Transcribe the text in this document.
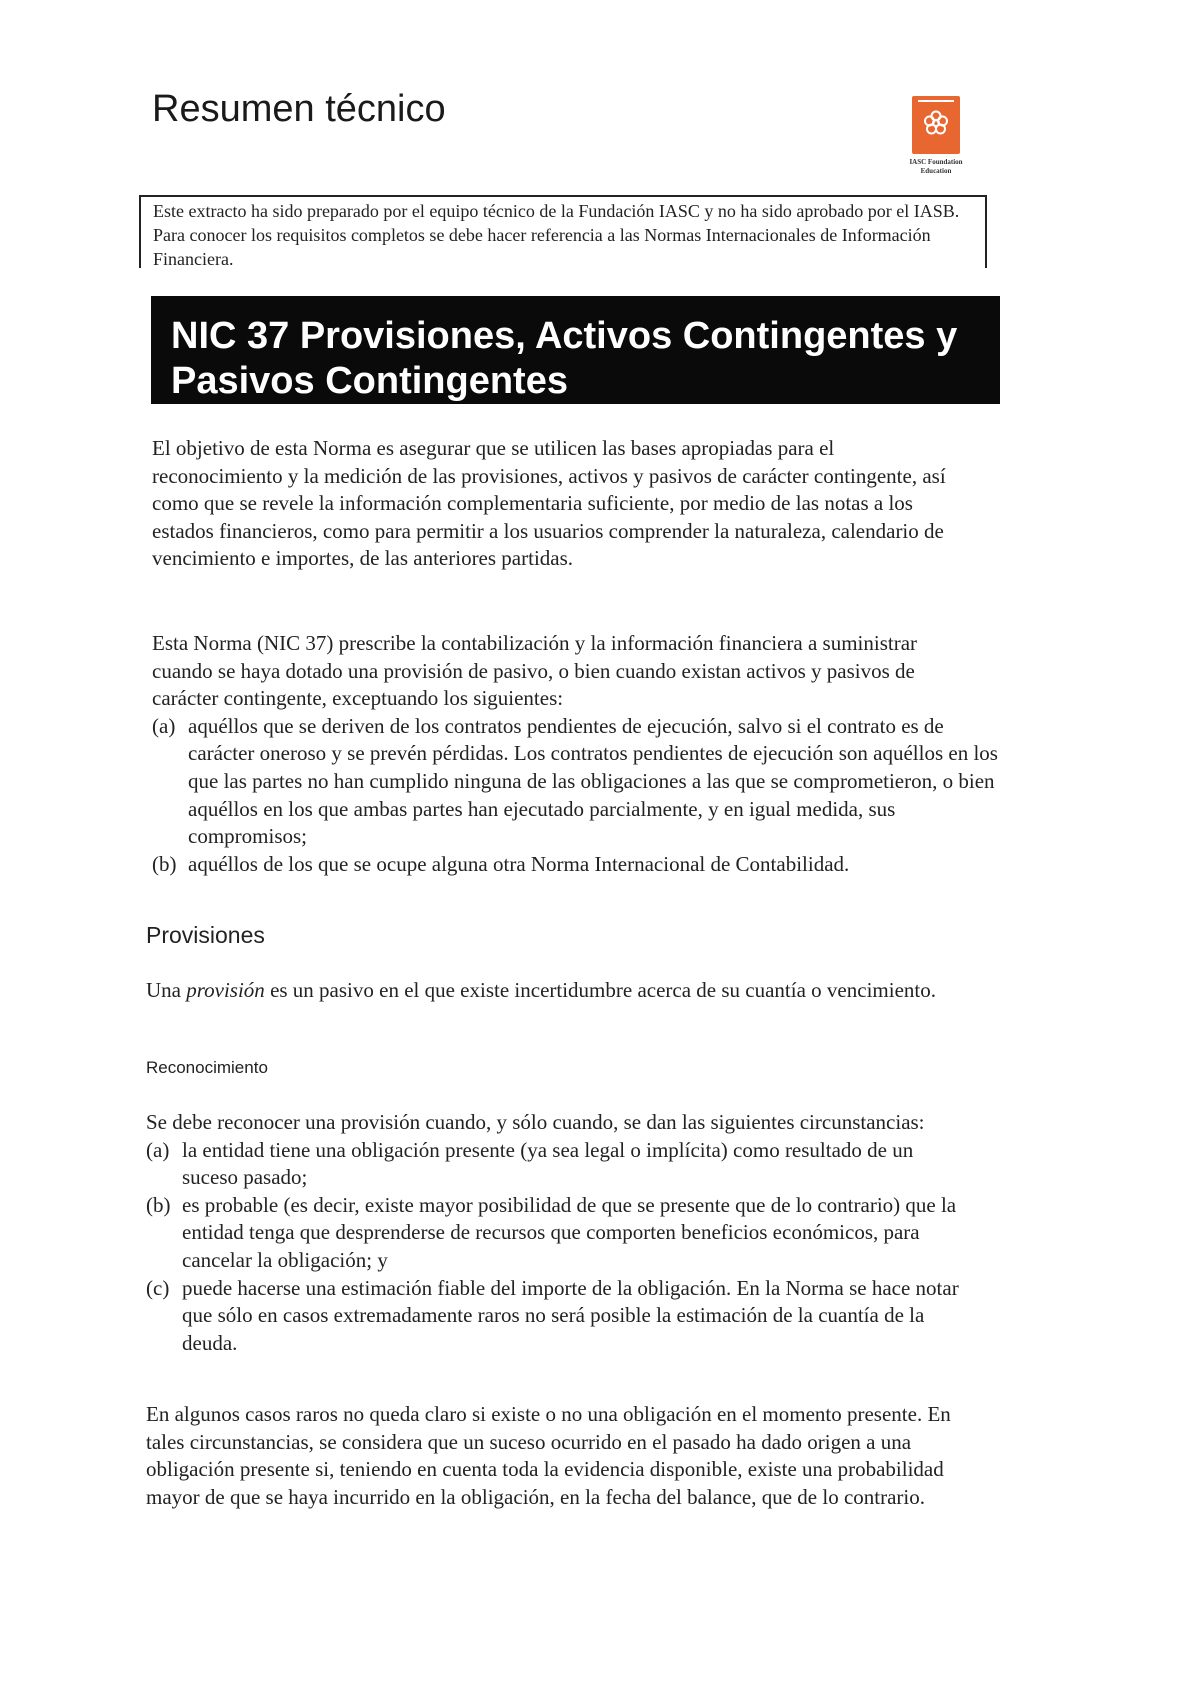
Resumen técnico
IASC Foundation
Education
Este extracto ha sido preparado por el equipo técnico de la Fundación IASC y no ha sido aprobado por el IASB. Para conocer los requisitos completos se debe hacer referencia a las Normas Internacionales de Información Financiera.
NIC 37 Provisiones, Activos Contingentes y
Pasivos Contingentes

El objetivo de esta Norma es asegurar que se utilicen las bases apropiadas para el reconocimiento y la medición de las provisiones, activos y pasivos de carácter contingente, así como que se revele la información complementaria suficiente, por medio de las notas a los estados financieros, como para permitir a los usuarios comprender la naturaleza, calendario de vencimiento e importes, de las anteriores partidas.

Esta Norma (NIC 37) prescribe la contabilización y la información financiera a suministrar cuando se haya dotado una provisión de pasivo, o bien cuando existan activos y pasivos de carácter contingente, exceptuando los siguientes:

(a) aquéllos que se deriven de los contratos pendientes de ejecución, salvo si el contrato es de carácter oneroso y se prevén pérdidas. Los contratos pendientes de ejecución son aquéllos en los que las partes no han cumplido ninguna de las obligaciones a las que se comprometieron, o bien aquéllos en los que ambas partes han ejecutado parcialmente, y en igual medida, sus compromisos;
(b) aquéllos de los que se ocupe alguna otra Norma Internacional de Contabilidad.
Provisiones

Una provisión es un pasivo en el que existe incertidumbre acerca de su cuantía o vencimiento.

Reconocimiento

Se debe reconocer una provisión cuando, y sólo cuando, se dan las siguientes circunstancias:

(a) la entidad tiene una obligación presente (ya sea legal o implícita) como resultado de un suceso pasado;
(b) es probable (es decir, existe mayor posibilidad de que se presente que de lo contrario) que la entidad tenga que desprenderse de recursos que comporten beneficios económicos, para cancelar la obligación; y
(c) puede hacerse una estimación fiable del importe de la obligación. En la Norma se hace notar que sólo en casos extremadamente raros no será posible la estimación de la cuantía de la deuda.

En algunos casos raros no queda claro si existe o no una obligación en el momento presente. En tales circunstancias, se considera que un suceso ocurrido en el pasado ha dado origen a una obligación presente si, teniendo en cuenta toda la evidencia disponible, existe una probabilidad mayor de que se haya incurrido en la obligación, en la fecha del balance, que de lo contrario.
